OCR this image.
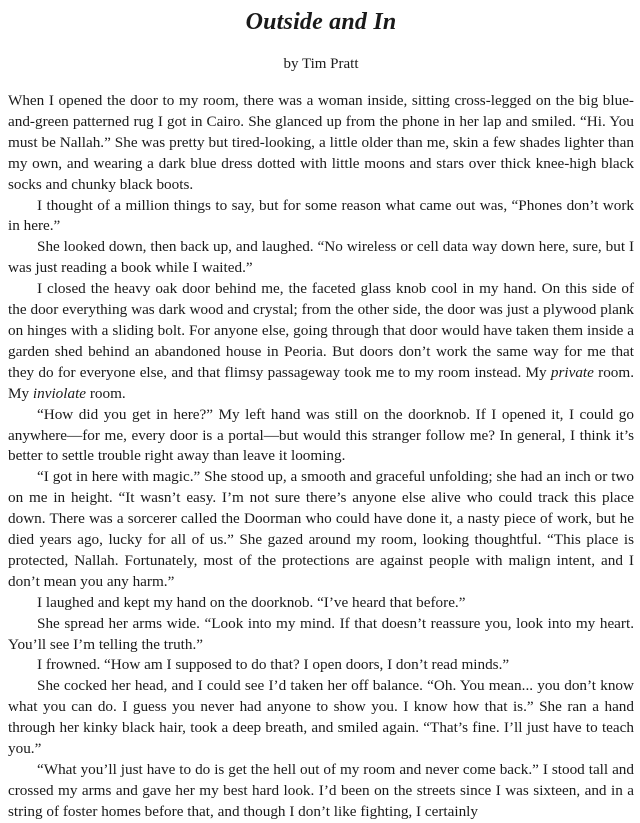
Outside and In
by Tim Pratt

When I opened the door to my room, there was a woman inside, sitting cross-legged on the big blue-and-green patterned rug I got in Cairo. She glanced up from the phone in her lap and smiled. “Hi. You must be Nallah.” She was pretty but tired-looking, a little older than me, skin a few shades lighter than my own, and wearing a dark blue dress dotted with little moons and stars over thick knee-high black socks and chunky black boots.

I thought of a million things to say, but for some reason what came out was, “Phones don’t work in here.”

She looked down, then back up, and laughed. “No wireless or cell data way down here, sure, but I was just reading a book while I waited.”

I closed the heavy oak door behind me, the faceted glass knob cool in my hand. On this side of the door everything was dark wood and crystal; from the other side, the door was just a plywood plank on hinges with a sliding bolt. For anyone else, going through that door would have taken them inside a garden shed behind an abandoned house in Peoria. But doors don’t work the same way for me that they do for everyone else, and that flimsy passageway took me to my room instead. My private room. My inviolate room.

“How did you get in here?” My left hand was still on the doorknob. If I opened it, I could go anywhere—for me, every door is a portal—but would this stranger follow me? In general, I think it’s better to settle trouble right away than leave it looming.

“I got in here with magic.” She stood up, a smooth and graceful unfolding; she had an inch or two on me in height. “It wasn’t easy. I’m not sure there’s anyone else alive who could track this place down. There was a sorcerer called the Doorman who could have done it, a nasty piece of work, but he died years ago, lucky for all of us.” She gazed around my room, looking thoughtful. “This place is protected, Nallah. Fortunately, most of the protections are against people with malign intent, and I don’t mean you any harm.”

I laughed and kept my hand on the doorknob. “I’ve heard that before.”

She spread her arms wide. “Look into my mind. If that doesn’t reassure you, look into my heart. You’ll see I’m telling the truth.”

I frowned. “How am I supposed to do that? I open doors, I don’t read minds.”

She cocked her head, and I could see I’d taken her off balance. “Oh. You mean... you don’t know what you can do. I guess you never had anyone to show you. I know how that is.” She ran a hand through her kinky black hair, took a deep breath, and smiled again. “That’s fine. I’ll just have to teach you.”

“What you’ll just have to do is get the hell out of my room and never come back.” I stood tall and crossed my arms and gave her my best hard look. I’d been on the streets since I was sixteen, and in a string of foster homes before that, and though I don’t like fighting, I certainly
